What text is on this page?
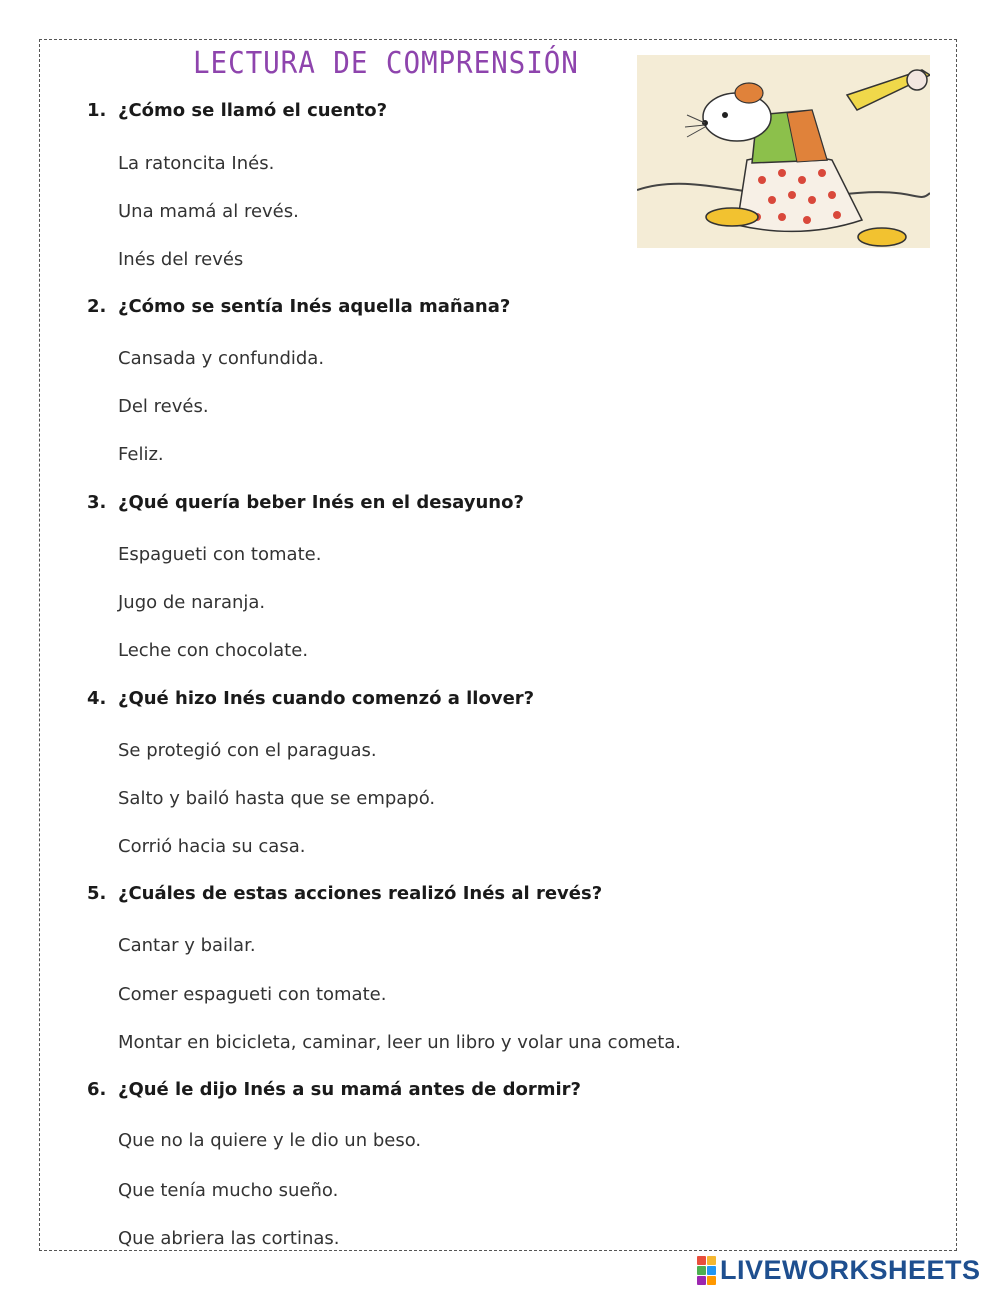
LECTURA DE COMPRENSIÓN
1. ¿Cómo se llamó el cuento?
La ratoncita Inés.
Una mamá al revés.
Inés del revés
2. ¿Cómo se sentía Inés aquella mañana?
Cansada y confundida.
Del revés.
Feliz.
3. ¿Qué quería beber Inés en el desayuno?
Espagueti con tomate.
Jugo de naranja.
Leche con chocolate.
4. ¿Qué hizo Inés cuando comenzó a llover?
Se protegió con el paraguas.
Salto y bailó hasta que se empapó.
Corrió hacia su casa.
5. ¿Cuáles de estas acciones realizó Inés al revés?
Cantar y bailar.
Comer espagueti con tomate.
Montar en bicicleta, caminar, leer un libro y volar una cometa.
6. ¿Qué le dijo Inés a su mamá antes de dormir?
Que no la quiere y le dio un beso.
Que tenía mucho sueño.
Que abriera las cortinas.
LIVEWORKSHEETS
